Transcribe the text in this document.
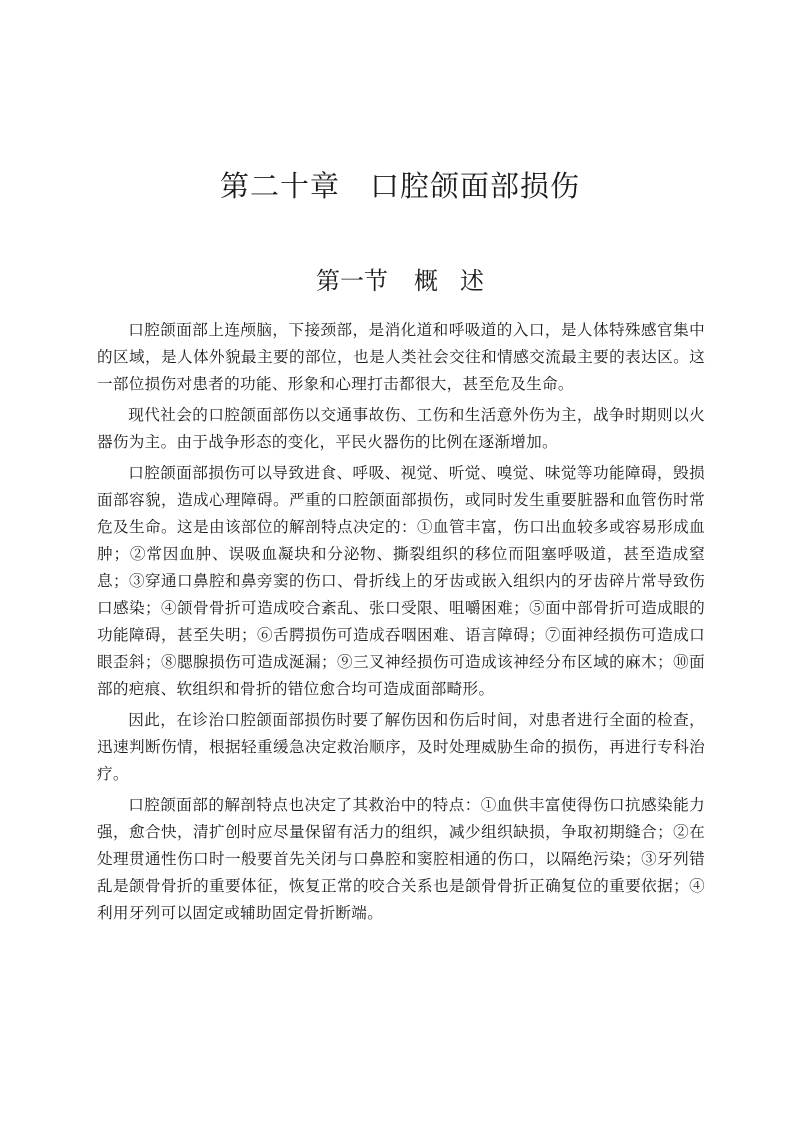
第二十章 口腔颌面部损伤
第一节 概 述

口腔颌面部上连颅脑，下接颈部，是消化道和呼吸道的入口，是人体特殊感官集中的区域，是人体外貌最主要的部位，也是人类社会交往和情感交流最主要的表达区。这一部位损伤对患者的功能、形象和心理打击都很大，甚至危及生命。

现代社会的口腔颌面部伤以交通事故伤、工伤和生活意外伤为主，战争时期则以火器伤为主。由于战争形态的变化，平民火器伤的比例在逐渐增加。

口腔颌面部损伤可以导致进食、呼吸、视觉、听觉、嗅觉、味觉等功能障碍，毁损面部容貌，造成心理障碍。严重的口腔颌面部损伤，或同时发生重要脏器和血管伤时常危及生命。这是由该部位的解剖特点决定的：①血管丰富，伤口出血较多或容易形成血肿；②常因血肿、误吸血凝块和分泌物、撕裂组织的移位而阻塞呼吸道，甚至造成窒息；③穿通口鼻腔和鼻旁窦的伤口、骨折线上的牙齿或嵌入组织内的牙齿碎片常导致伤口感染；④颌骨骨折可造成咬合紊乱、张口受限、咀嚼困难；⑤面中部骨折可造成眼的功能障碍，甚至失明；⑥舌腭损伤可造成吞咽困难、语言障碍；⑦面神经损伤可造成口眼歪斜；⑧腮腺损伤可造成涎漏；⑨三叉神经损伤可造成该神经分布区域的麻木；⑩面部的疤痕、软组织和骨折的错位愈合均可造成面部畸形。

因此，在诊治口腔颌面部损伤时要了解伤因和伤后时间，对患者进行全面的检查，迅速判断伤情，根据轻重缓急决定救治顺序，及时处理威胁生命的损伤，再进行专科治疗。

口腔颌面部的解剖特点也决定了其救治中的特点：①血供丰富使得伤口抗感染能力强，愈合快，清扩创时应尽量保留有活力的组织，减少组织缺损，争取初期缝合；②在处理贯通性伤口时一般要首先关闭与口鼻腔和窦腔相通的伤口，以隔绝污染；③牙列错乱是颌骨骨折的重要体征，恢复正常的咬合关系也是颌骨骨折正确复位的重要依据；④利用牙列可以固定或辅助固定骨折断端。
